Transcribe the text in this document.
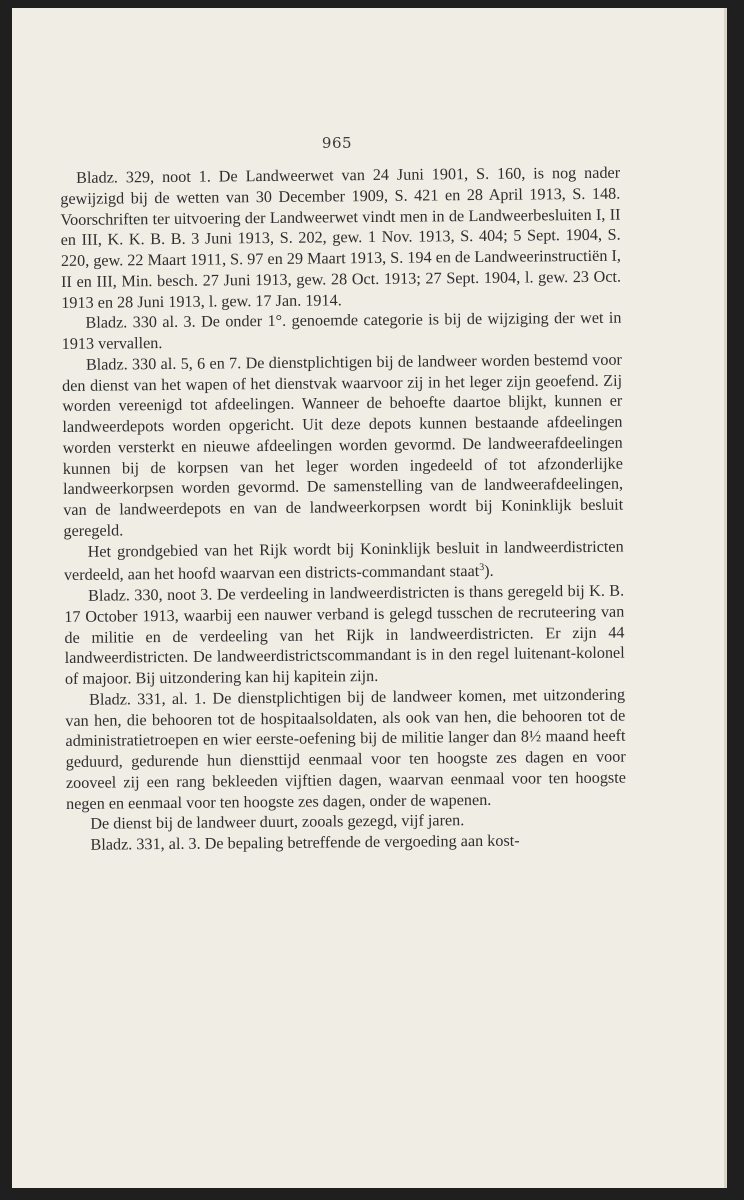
965

Bladz. 329, noot 1. De Landweerwet van 24 Juni 1901, S. 160, is nog nader gewijzigd bij de wetten van 30 December 1909, S. 421 en 28 April 1913, S. 148. Voorschriften ter uitvoering der Landweerwet vindt men in de Landweerbesluiten I, II en III, K. K. B. B. 3 Juni 1913, S. 202, gew. 1 Nov. 1913, S. 404; 5 Sept. 1904, S. 220, gew. 22 Maart 1911, S. 97 en 29 Maart 1913, S. 194 en de Landweerinstructiën I, II en III, Min. besch. 27 Juni 1913, gew. 28 Oct. 1913; 27 Sept. 1904, l. gew. 23 Oct. 1913 en 28 Juni 1913, l. gew. 17 Jan. 1914.

Bladz. 330 al. 3. De onder 1°. genoemde categorie is bij de wijziging der wet in 1913 vervallen.

Bladz. 330 al. 5, 6 en 7. De dienstplichtigen bij de landweer worden bestemd voor den dienst van het wapen of het dienstvak waarvoor zij in het leger zijn geoefend. Zij worden vereenigd tot afdeelingen. Wanneer de behoefte daartoe blijkt, kunnen er landweerdepots worden opgericht. Uit deze depots kunnen bestaande afdeelingen worden versterkt en nieuwe afdeelingen worden gevormd. De landweerafdeelingen kunnen bij de korpsen van het leger worden ingedeeld of tot afzonderlijke landweerkorpsen worden gevormd. De samenstelling van de landweerafdeelingen, van de landweerdepots en van de landweerkorpsen wordt bij Koninklijk besluit geregeld.

Het grondgebied van het Rijk wordt bij Koninklijk besluit in landweerdistricten verdeeld, aan het hoofd waarvan een districts-commandant staat$^3$).

Bladz. 330, noot 3. De verdeeling in landweerdistricten is thans geregeld bij K. B. 17 October 1913, waarbij een nauwer verband is gelegd tusschen de recruteering van de militie en de verdeeling van het Rijk in landweerdistricten. Er zijn 44 landweerdistricten. De landweerdistrictscommandant is in den regel luitenant-kolonel of majoor. Bij uitzondering kan hij kapitein zijn.

Bladz. 331, al. 1. De dienstplichtigen bij de landweer komen, met uitzondering van hen, die behooren tot de hospitaalsoldaten, als ook van hen, die behooren tot de administratietroepen en wier eerste-oefening bij de militie langer dan 8½ maand heeft geduurd, gedurende hun diensttijd eenmaal voor ten hoogste zes dagen en voor zooveel zij een rang bekleeden vijftien dagen, waarvan eenmaal voor ten hoogste negen en eenmaal voor ten hoogste zes dagen, onder de wapenen.

De dienst bij de landweer duurt, zooals gezegd, vijf jaren.

Bladz. 331, al. 3. De bepaling betreffende de vergoeding aan kost-
